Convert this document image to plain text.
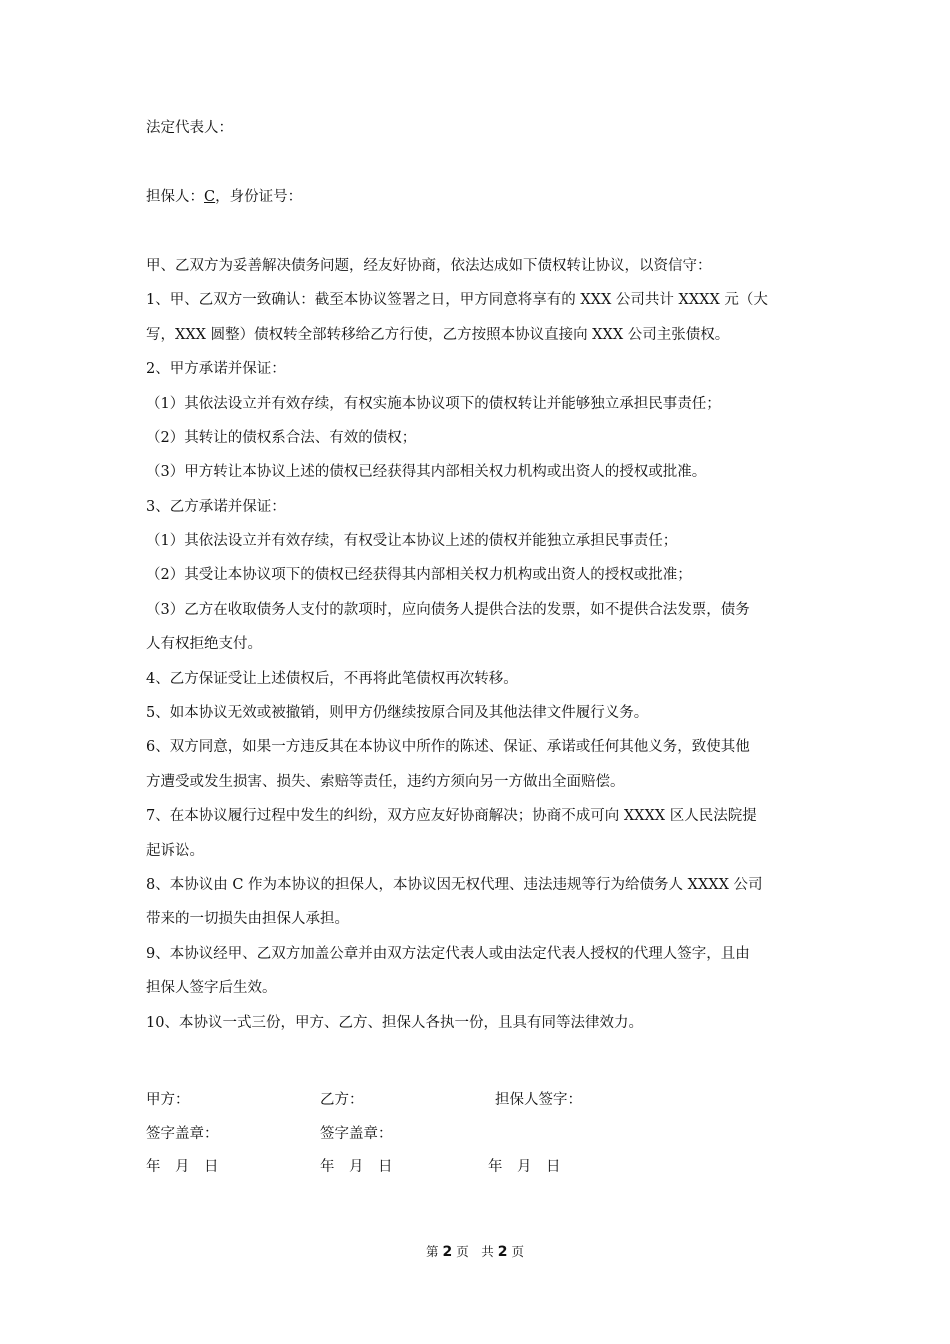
法定代表人：
担保人：C，身份证号：
甲、乙双方为妥善解决债务问题，经友好协商，依法达成如下债权转让协议，以资信守：
1、甲、乙双方一致确认：截至本协议签署之日，甲方同意将享有的 XXX 公司共计 XXXX 元（大
写，XXX 圆整）债权转全部转移给乙方行使，乙方按照本协议直接向 XXX 公司主张债权。
2、甲方承诺并保证：
（1）其依法设立并有效存续，有权实施本协议项下的债权转让并能够独立承担民事责任；
（2）其转让的债权系合法、有效的债权；
（3）甲方转让本协议上述的债权已经获得其内部相关权力机构或出资人的授权或批准。
3、乙方承诺并保证：
（1）其依法设立并有效存续，有权受让本协议上述的债权并能独立承担民事责任；
（2）其受让本协议项下的债权已经获得其内部相关权力机构或出资人的授权或批准；
（3）乙方在收取债务人支付的款项时，应向债务人提供合法的发票，如不提供合法发票，债务
人有权拒绝支付。
4、乙方保证受让上述债权后，不再将此笔债权再次转移。
5、如本协议无效或被撤销，则甲方仍继续按原合同及其他法律文件履行义务。
6、双方同意，如果一方违反其在本协议中所作的陈述、保证、承诺或任何其他义务，致使其他
方遭受或发生损害、损失、索赔等责任，违约方须向另一方做出全面赔偿。
7、在本协议履行过程中发生的纠纷，双方应友好协商解决；协商不成可向 XXXX 区人民法院提
起诉讼。
8、本协议由 C 作为本协议的担保人，本协议因无权代理、违法违规等行为给债务人 XXXX 公司
带来的一切损失由担保人承担。
9、本协议经甲、乙双方加盖公章并由双方法定代表人或由法定代表人授权的代理人签字，且由
担保人签字后生效。
10、本协议一式三份，甲方、乙方、担保人各执一份，且具有同等法律效力。
甲方：	乙方：	担保人签字：
签字盖章：	签字盖章：
年　月　日	年　月　日	年　月　日
第 2 页　共 2 页
